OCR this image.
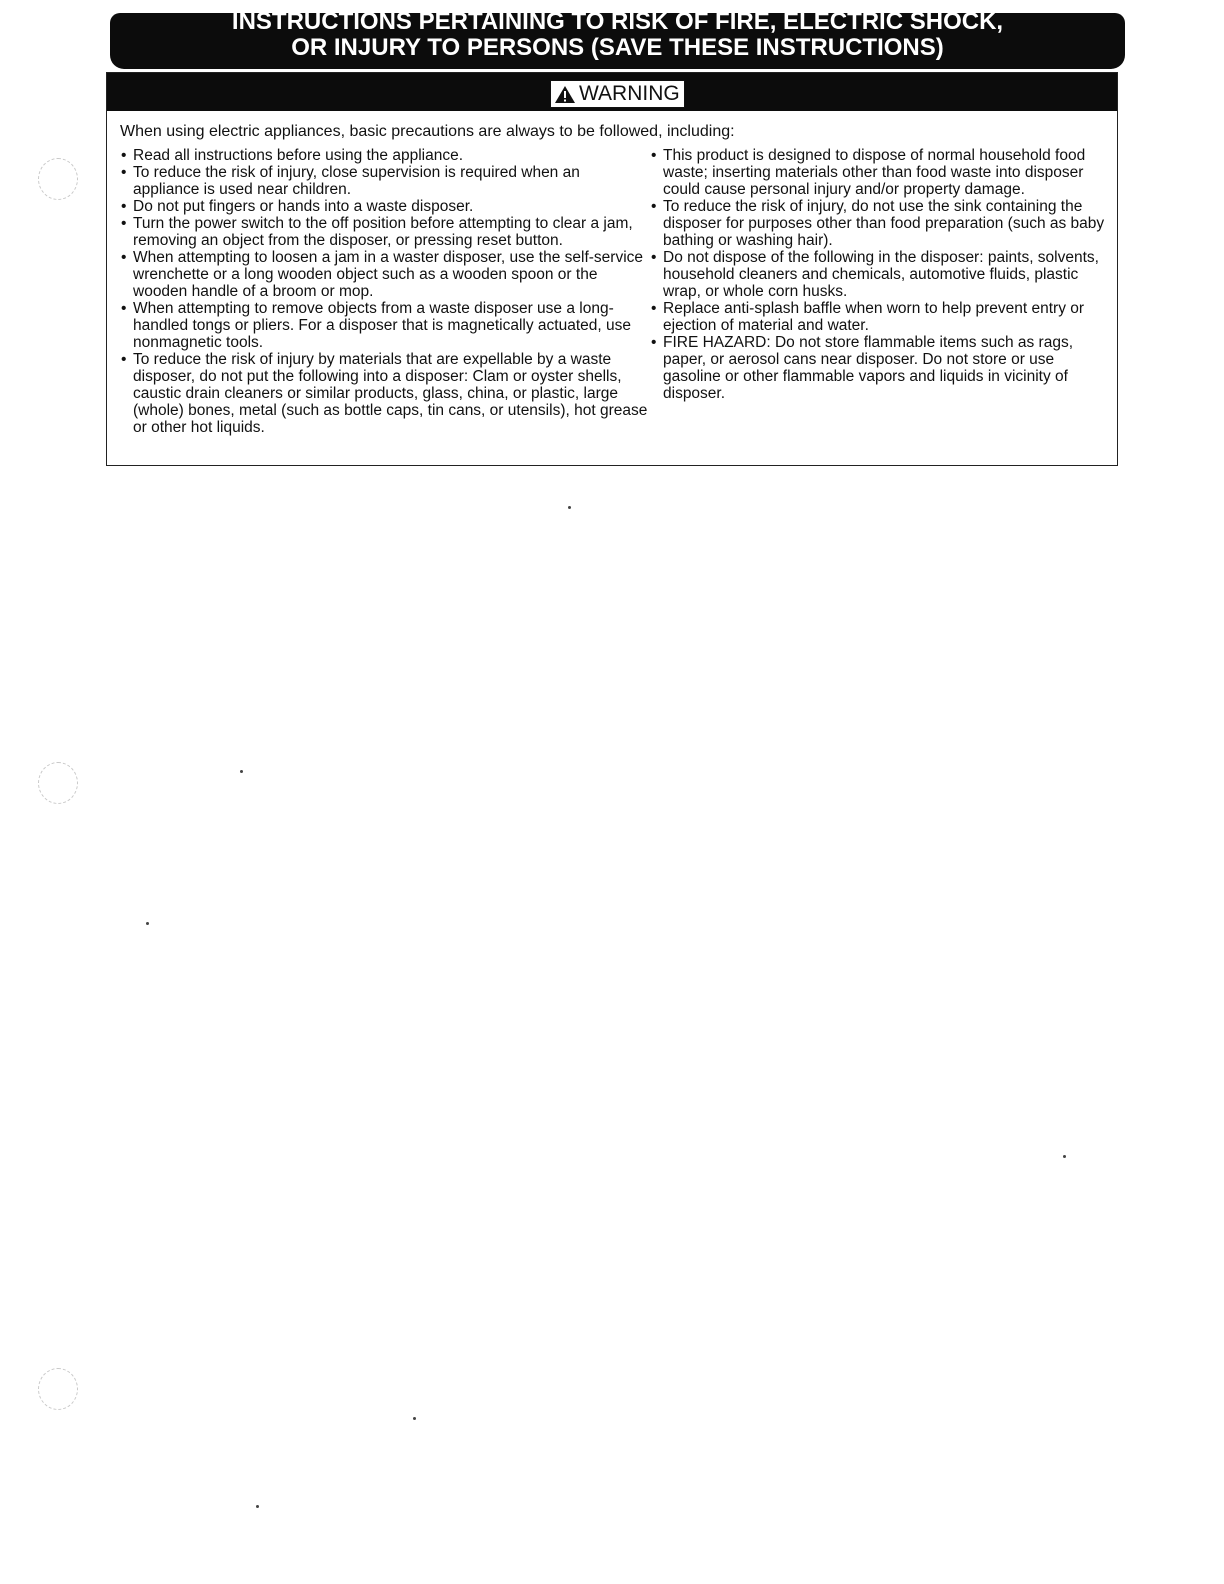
INSTRUCTIONS PERTAINING TO RISK OF FIRE, ELECTRIC SHOCK,
OR INJURY TO PERSONS (SAVE THESE INSTRUCTIONS)
WARNING
When using electric appliances, basic precautions are always to be followed, including:
• Read all instructions before using the appliance.
• To reduce the risk of injury, close supervision is required when an appliance is used near children.
• Do not put fingers or hands into a waste disposer.
• Turn the power switch to the off position before attempting to clear a jam, removing an object from the disposer, or pressing reset button.
• When attempting to loosen a jam in a waster disposer, use the self-service wrenchette or a long wooden object such as a wooden spoon or the wooden handle of a broom or mop.
• When attempting to remove objects from a waste disposer use a long-handled tongs or pliers. For a disposer that is magnetically actuated, use nonmagnetic tools.
• To reduce the risk of injury by materials that are expellable by a waste disposer, do not put the following into a disposer: Clam or oyster shells, caustic drain cleaners or similar products, glass, china, or plastic, large (whole) bones, metal (such as bottle caps, tin cans, or utensils), hot grease or other hot liquids.
• This product is designed to dispose of normal household food waste; inserting materials other than food waste into disposer could cause personal injury and/or property damage.
• To reduce the risk of injury, do not use the sink containing the disposer for purposes other than food preparation (such as baby bathing or washing hair).
• Do not dispose of the following in the disposer: paints, solvents, household cleaners and chemicals, automotive fluids, plastic wrap, or whole corn husks.
• Replace anti-splash baffle when worn to help prevent entry or ejection of material and water.
• FIRE HAZARD: Do not store flammable items such as rags, paper, or aerosol cans near disposer. Do not store or use gasoline or other flammable vapors and liquids in vicinity of disposer.
